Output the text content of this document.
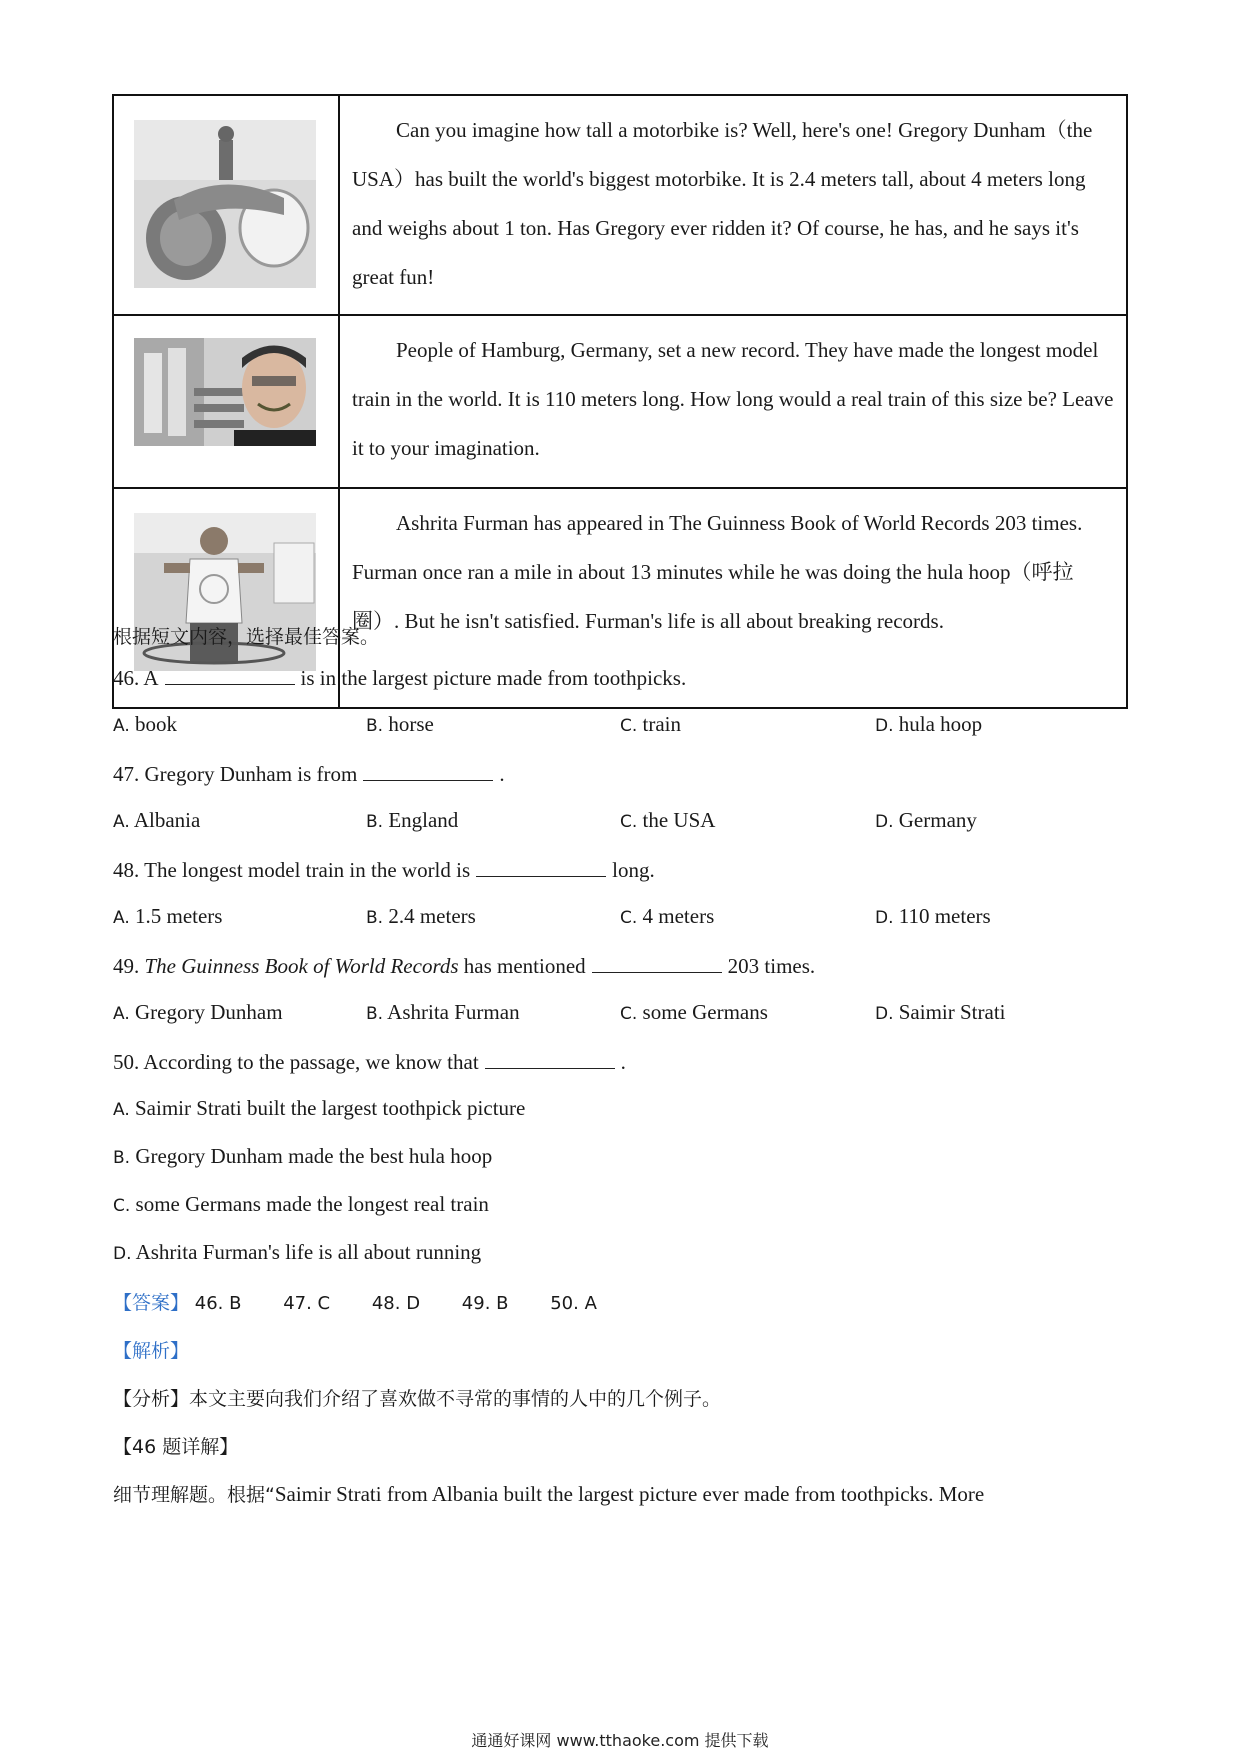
Can you imagine how tall a motorbike is? Well, here's one! Gregory Dunham（the USA）has built the world's biggest motorbike. It is 2.4 meters tall, about 4 meters long and weighs about 1 ton. Has Gregory ever ridden it? Of course, he has, and he says it's great fun!

People of Hamburg, Germany, set a new record. They have made the longest model train in the world. It is 110 meters long. How long would a real train of this size be? Leave it to your imagination.

Ashrita Furman has appeared in The Guinness Book of World Records 203 times. Furman once ran a mile in about 13 minutes while he was doing the hula hoop（呼拉圈）. But he isn't satisfied. Furman's life is all about breaking records.

根据短文内容，选择最佳答案。
46. A	is in the largest picture made from toothpicks.
A. book	B. horse	C. train	D. hula hoop
47. Gregory Dunham is from	.
A. Albania	B. England	C. the USA	D. Germany
48. The longest model train in the world is	long.
A. 1.5 meters	B. 2.4 meters	C. 4 meters	D. 110 meters
49. The Guinness Book of World Records has mentioned	203 times.
A. Gregory Dunham	B. Ashrita Furman	C. some Germans	D. Saimir Strati
50. According to the passage, we know that	.
A. Saimir Strati built the largest toothpick picture
B. Gregory Dunham made the best hula hoop
C. some Germans made the longest real train
D. Ashrita Furman's life is all about running
【答案】 46. B 47. C 48. D 49. B 50. A
【解析】
【分析】本文主要向我们介绍了喜欢做不寻常的事情的人中的几个例子。
【46 题详解】
细节理解题。根据“Saimir Strati from Albania built the largest picture ever made from toothpicks. More
通通好课网 www.tthaoke.com 提供下载
